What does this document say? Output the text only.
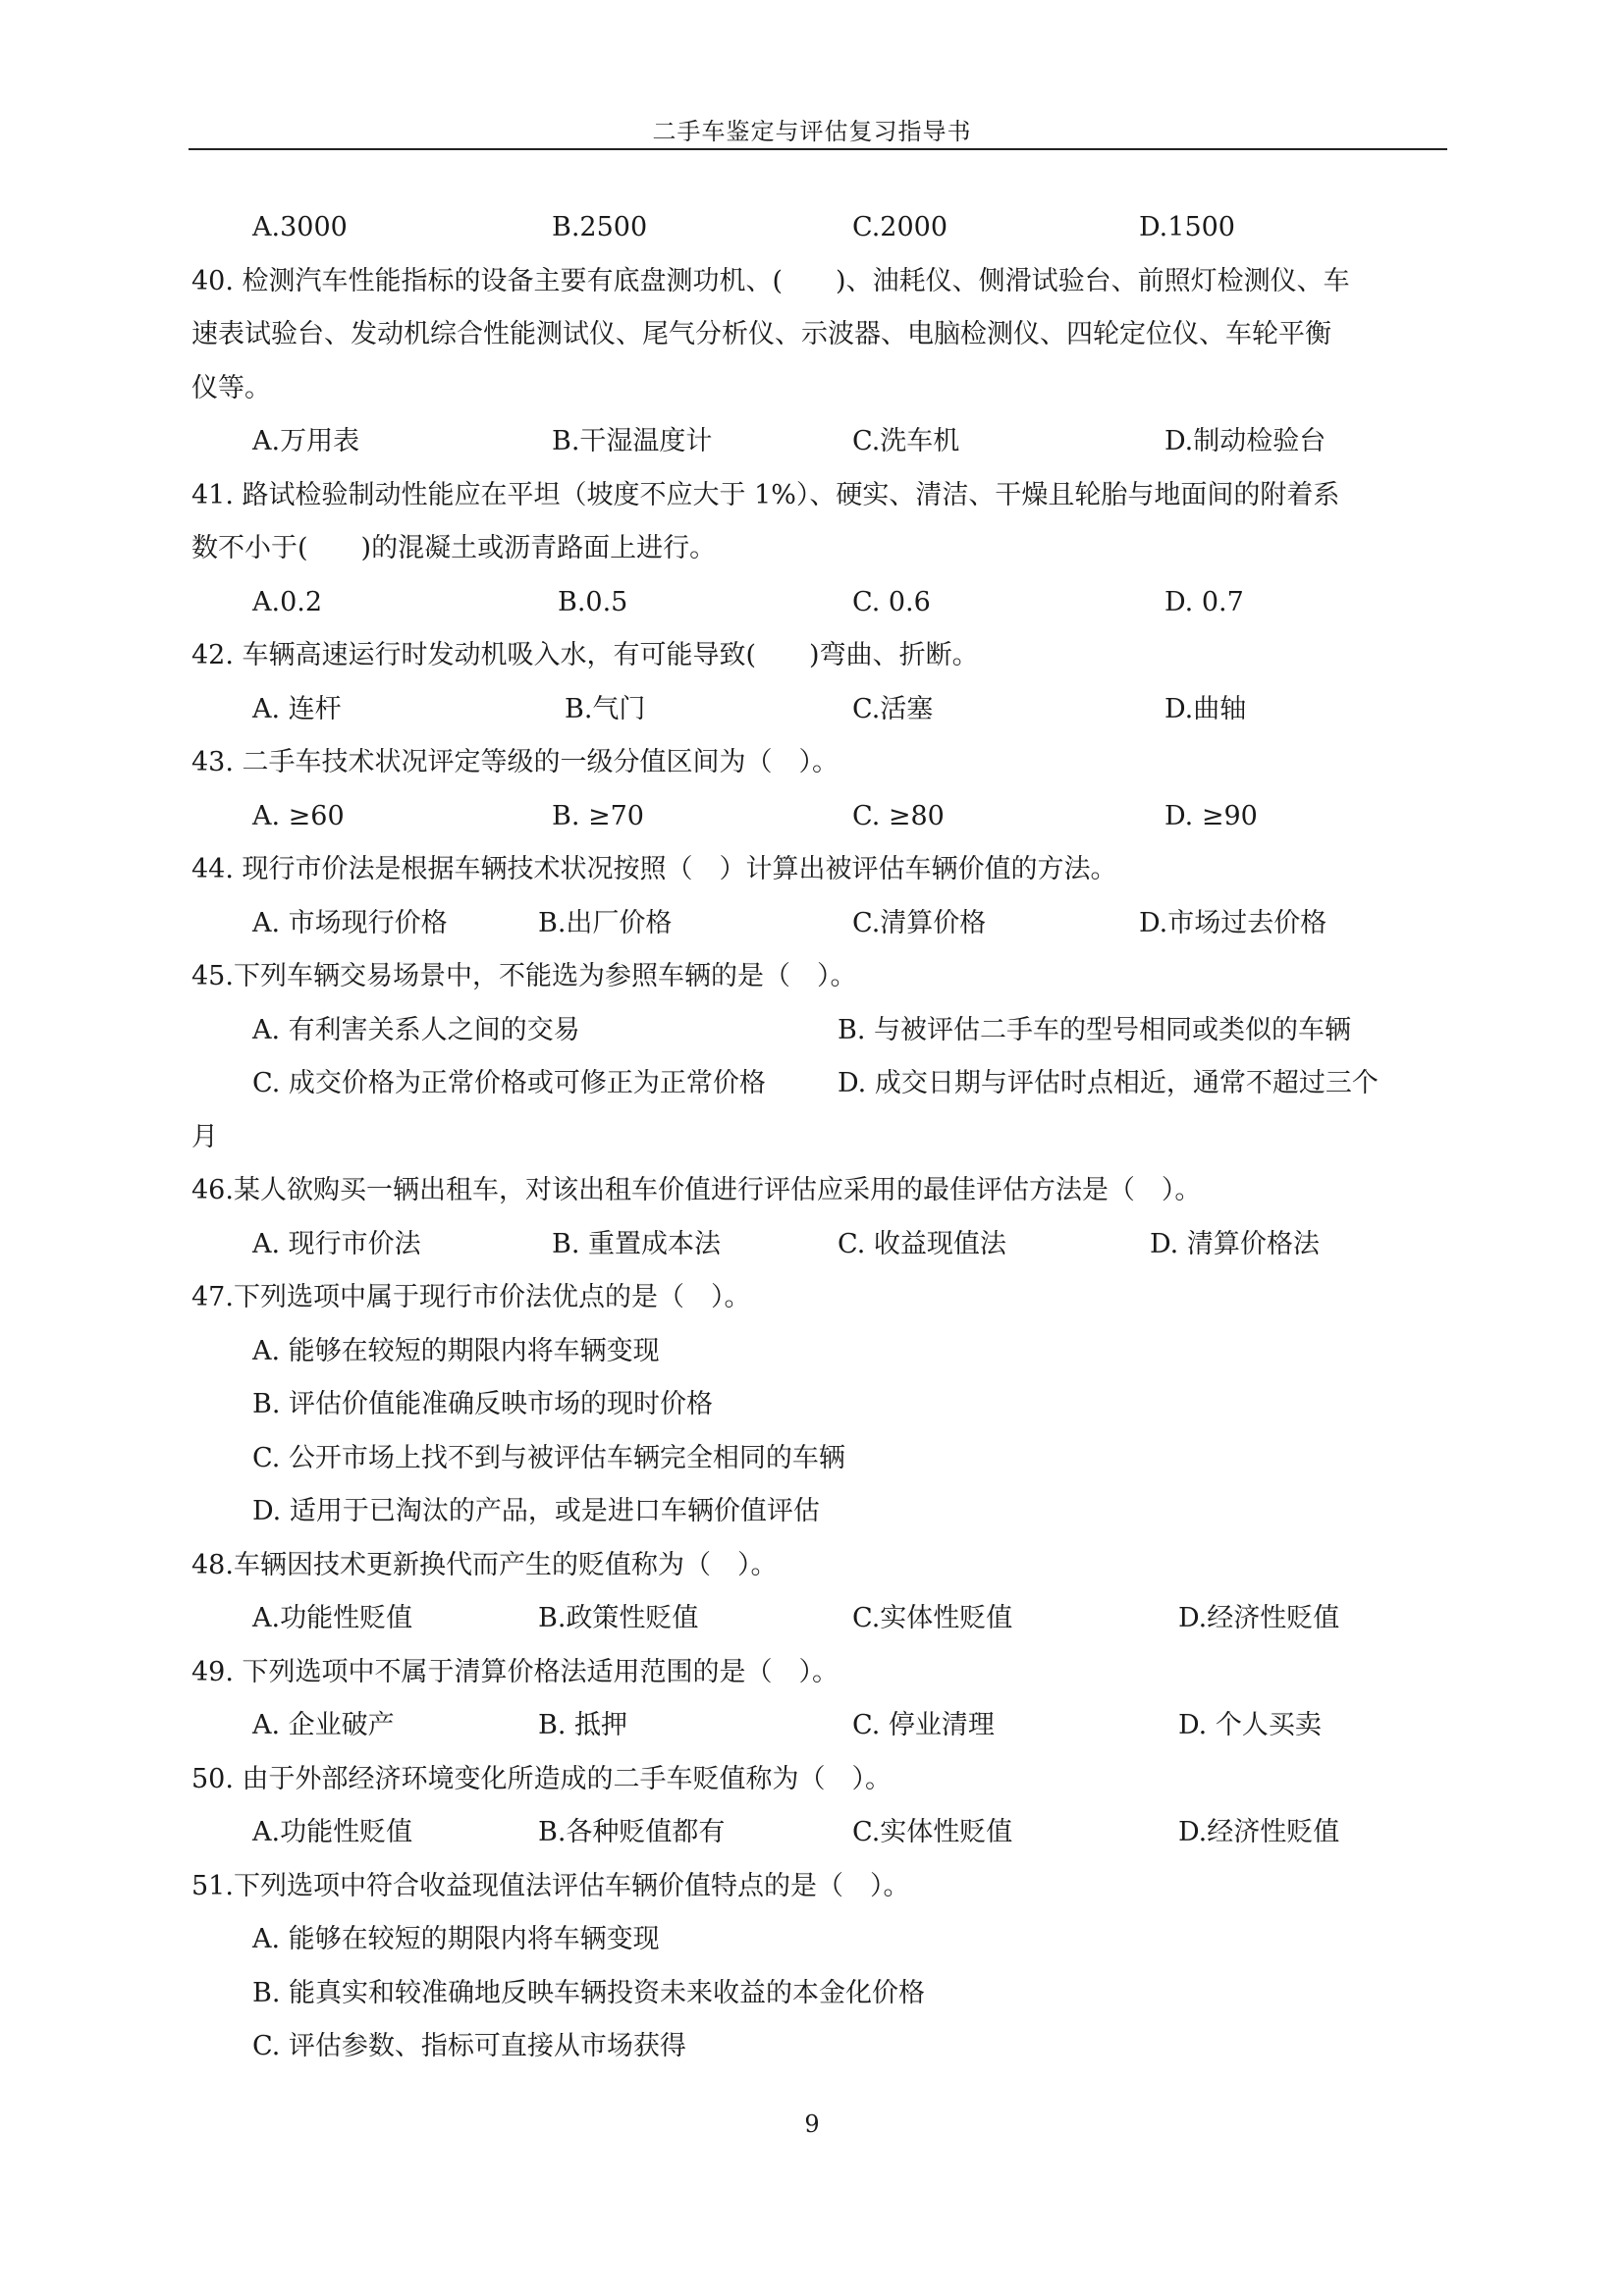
二手车鉴定与评估复习指导书
A.3000	B.2500	C.2000	D.1500
40. 检测汽车性能指标的设备主要有底盘测功机、(　　)、油耗仪、侧滑试验台、前照灯检测仪、车
速表试验台、发动机综合性能测试仪、尾气分析仪、示波器、电脑检测仪、四轮定位仪、车轮平衡
仪等。
A.万用表	B.干湿温度计	C.洗车机	D.制动检验台
41. 路试检验制动性能应在平坦（坡度不应大于 1%）、硬实、清洁、干燥且轮胎与地面间的附着系
数不小于(　　)的混凝土或沥青路面上进行。
A.0.2	B.0.5	C. 0.6	D. 0.7
42. 车辆高速运行时发动机吸入水，有可能导致(　　)弯曲、折断。
A. 连杆	B.气门	C.活塞	D.曲轴
43. 二手车技术状况评定等级的一级分值区间为（　）。
A. ≥60	B. ≥70	C. ≥80	D. ≥90
44. 现行市价法是根据车辆技术状况按照（　）计算出被评估车辆价值的方法。
A. 市场现行价格	B.出厂价格	C.清算价格	D.市场过去价格
45.下列车辆交易场景中，不能选为参照车辆的是（　）。
A. 有利害关系人之间的交易	B. 与被评估二手车的型号相同或类似的车辆
C. 成交价格为正常价格或可修正为正常价格	D. 成交日期与评估时点相近，通常不超过三个
月
46.某人欲购买一辆出租车，对该出租车价值进行评估应采用的最佳评估方法是（　）。
A. 现行市价法	B. 重置成本法	C. 收益现值法	D. 清算价格法
47.下列选项中属于现行市价法优点的是（　）。
A. 能够在较短的期限内将车辆变现
B. 评估价值能准确反映市场的现时价格
C. 公开市场上找不到与被评估车辆完全相同的车辆
D. 适用于已淘汰的产品，或是进口车辆价值评估
48.车辆因技术更新换代而产生的贬值称为（　）。
A.功能性贬值	B.政策性贬值	C.实体性贬值	D.经济性贬值
49. 下列选项中不属于清算价格法适用范围的是（　）。
A. 企业破产	B. 抵押	C. 停业清理	D. 个人买卖
50. 由于外部经济环境变化所造成的二手车贬值称为（　）。
A.功能性贬值	B.各种贬值都有	C.实体性贬值	D.经济性贬值
51.下列选项中符合收益现值法评估车辆价值特点的是（　）。
A. 能够在较短的期限内将车辆变现
B. 能真实和较准确地反映车辆投资未来收益的本金化价格
C. 评估参数、指标可直接从市场获得
9
